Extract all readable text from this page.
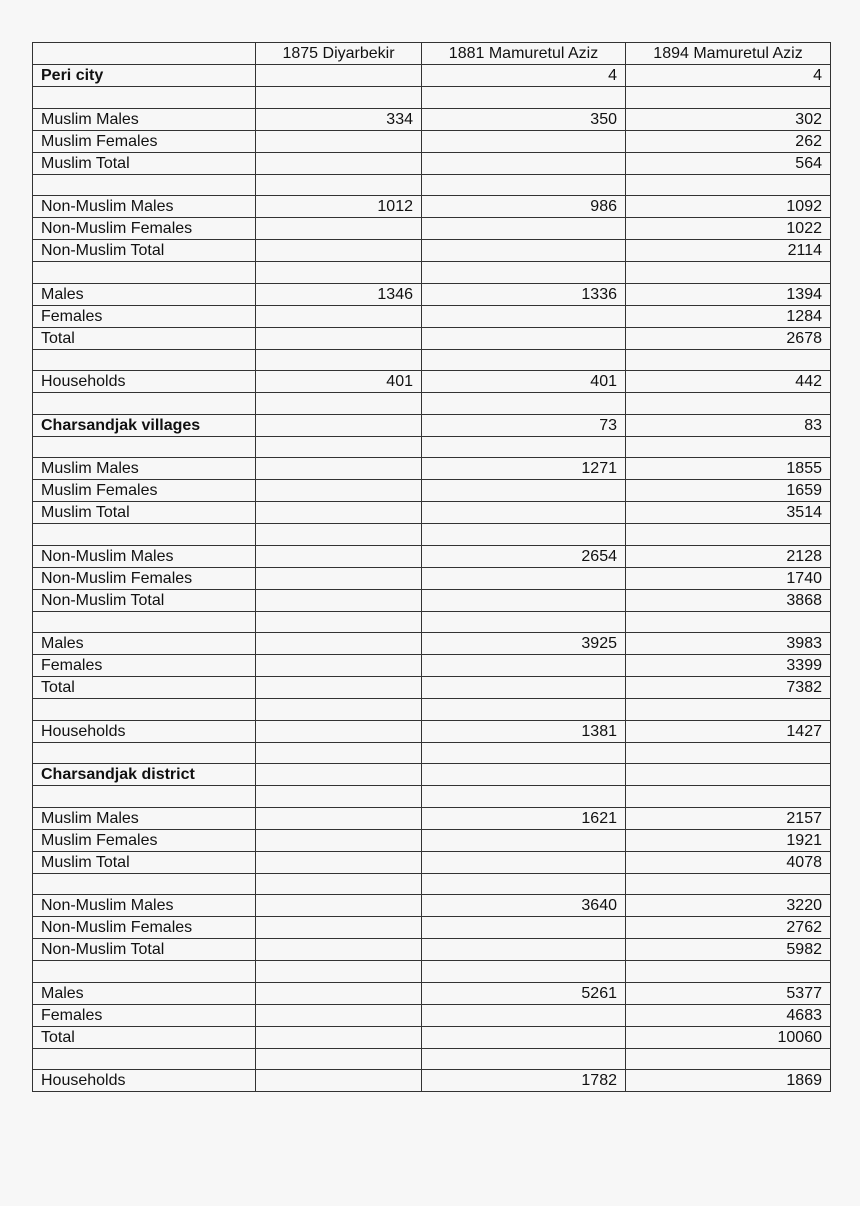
	1875 Diyarbekir	1881 Mamuretul Aziz	1894 Mamuretul Aziz
Peri city		4	4

Muslim Males	334	350	302
Muslim Females			262
Muslim Total			564

Non-Muslim Males	1012	986	1092
Non-Muslim Females			1022
Non-Muslim Total			2114

Males	1346	1336	1394
Females			1284
Total			2678

Households	401	401	442

Charsandjak villages		73	83

Muslim Males		1271	1855
Muslim Females			1659
Muslim Total			3514

Non-Muslim Males		2654	2128
Non-Muslim Females			1740
Non-Muslim Total			3868

Males		3925	3983
Females			3399
Total			7382

Households		1381	1427

Charsandjak district			

Muslim Males		1621	2157
Muslim Females			1921
Muslim Total			4078

Non-Muslim Males		3640	3220
Non-Muslim Females			2762
Non-Muslim Total			5982

Males		5261	5377
Females			4683
Total			10060

Households		1782	1869
